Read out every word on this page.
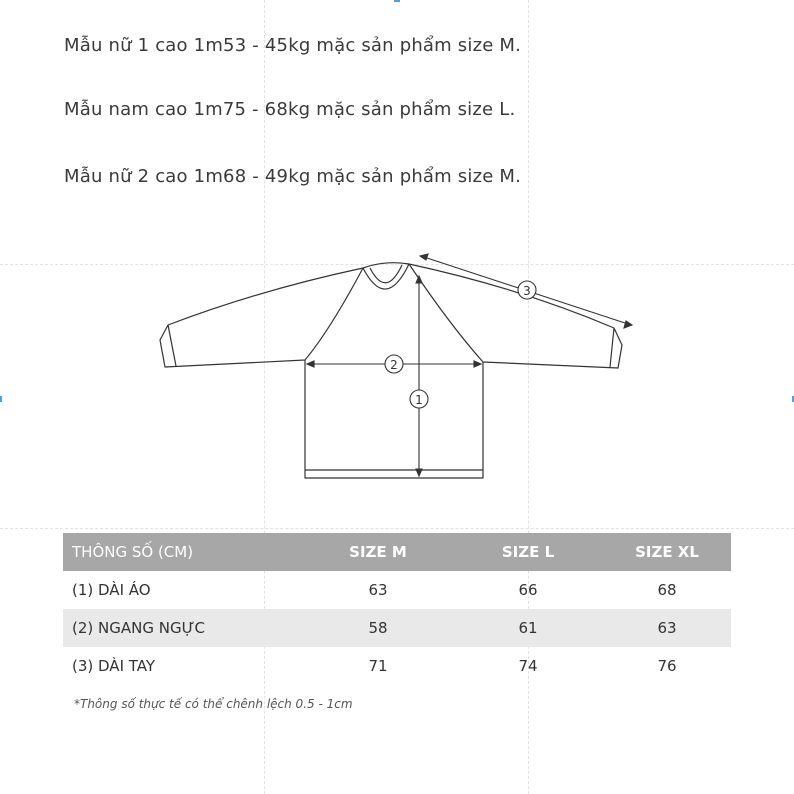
Mẫu nữ 1 cao 1m53 - 45kg mặc sản phẩm size M.
Mẫu nam cao 1m75 - 68kg mặc sản phẩm size L.
Mẫu nữ 2 cao 1m68 - 49kg mặc sản phẩm size M.
2
1
3
THÔNG SỐ (CM)	SIZE M	SIZE L	SIZE XL
(1) DÀI ÁO	63	66	68
(2) NGANG NGỰC	58	61	63
(3) DÀI TAY	71	74	76
*Thông số thực tế có thể chênh lệch 0.5 - 1cm
